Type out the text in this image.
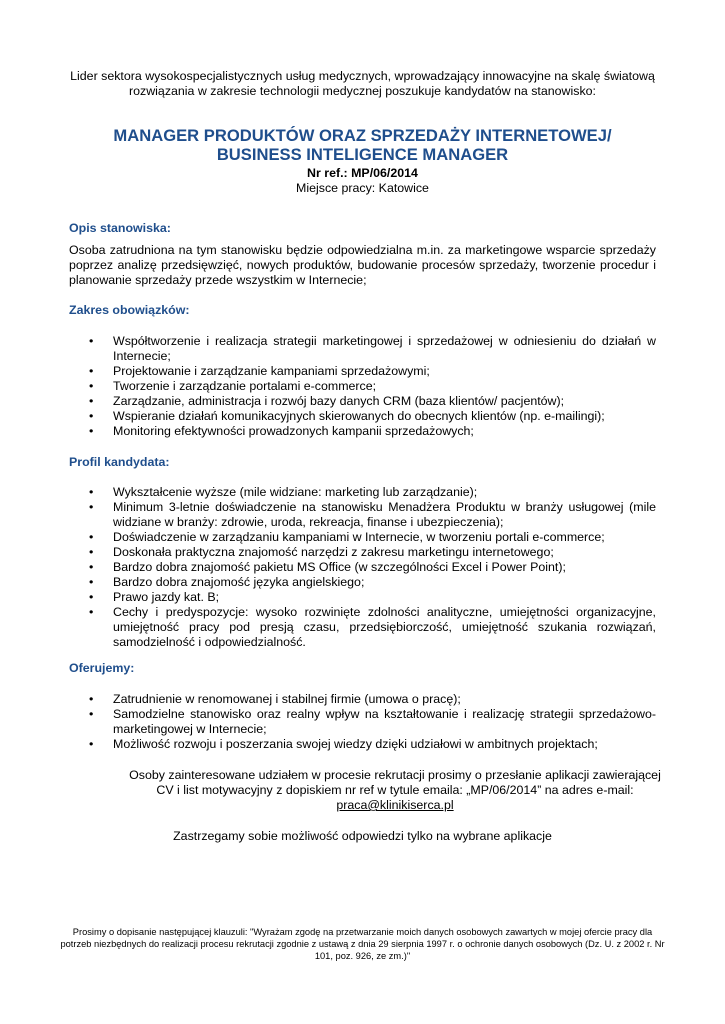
Lider sektora wysokospecjalistycznych usług medycznych, wprowadzający innowacyjne na skalę światową rozwiązania w zakresie technologii medycznej poszukuje kandydatów na stanowisko:
MANAGER PRODUKTÓW ORAZ SPRZEDAŻY INTERNETOWEJ/
BUSINESS INTELIGENCE MANAGER
Nr ref.: MP/06/2014
Miejsce pracy: Katowice
Opis stanowiska:
Osoba zatrudniona na tym stanowisku będzie odpowiedzialna m.in. za marketingowe wsparcie sprzedaży poprzez analizę przedsięwzięć, nowych produktów, budowanie procesów sprzedaży, tworzenie procedur i planowanie sprzedaży przede wszystkim w Internecie;
Zakres obowiązków:
• Współtworzenie i realizacja strategii marketingowej i sprzedażowej w odniesieniu do działań w Internecie;
• Projektowanie i zarządzanie kampaniami sprzedażowymi;
• Tworzenie i zarządzanie portalami e-commerce;
• Zarządzanie, administracja i rozwój bazy danych CRM (baza klientów/ pacjentów);
• Wspieranie działań komunikacyjnych skierowanych do obecnych klientów (np. e-mailingi);
• Monitoring efektywności prowadzonych kampanii sprzedażowych;
Profil kandydata:
• Wykształcenie wyższe (mile widziane: marketing lub zarządzanie);
• Minimum 3-letnie doświadczenie na stanowisku Menadżera Produktu w branży usługowej (mile widziane w branży: zdrowie, uroda, rekreacja, finanse i ubezpieczenia);
• Doświadczenie w zarządzaniu kampaniami w Internecie, w tworzeniu portali e-commerce;
• Doskonała praktyczna znajomość narzędzi z zakresu marketingu internetowego;
• Bardzo dobra znajomość pakietu MS Office (w szczególności Excel i Power Point);
• Bardzo dobra znajomość języka angielskiego;
• Prawo jazdy kat. B;
• Cechy i predyspozycje: wysoko rozwinięte zdolności analityczne, umiejętności organizacyjne, umiejętność pracy pod presją czasu, przedsiębiorczość, umiejętność szukania rozwiązań, samodzielność i odpowiedzialność.
Oferujemy:
• Zatrudnienie w renomowanej i stabilnej firmie (umowa o pracę);
• Samodzielne stanowisko oraz realny wpływ na kształtowanie i realizację strategii sprzedażowo-marketingowej w Internecie;
• Możliwość rozwoju i poszerzania swojej wiedzy dzięki udziałowi w ambitnych projektach;
Osoby zainteresowane udziałem w procesie rekrutacji prosimy o przesłanie aplikacji zawierającej
CV i list motywacyjny z dopiskiem nr ref w tytule emaila: „MP/06/2014” na adres e-mail:
praca@klinikiserca.pl
Zastrzegamy sobie możliwość odpowiedzi tylko na wybrane aplikacje
Prosimy o dopisanie następującej klauzuli: "Wyrażam zgodę na przetwarzanie moich danych osobowych zawartych w mojej ofercie pracy dla potrzeb niezbędnych do realizacji procesu rekrutacji zgodnie z ustawą z dnia 29 sierpnia 1997 r. o ochronie danych osobowych (Dz. U. z 2002 r. Nr 101, poz. 926, ze zm.)"
